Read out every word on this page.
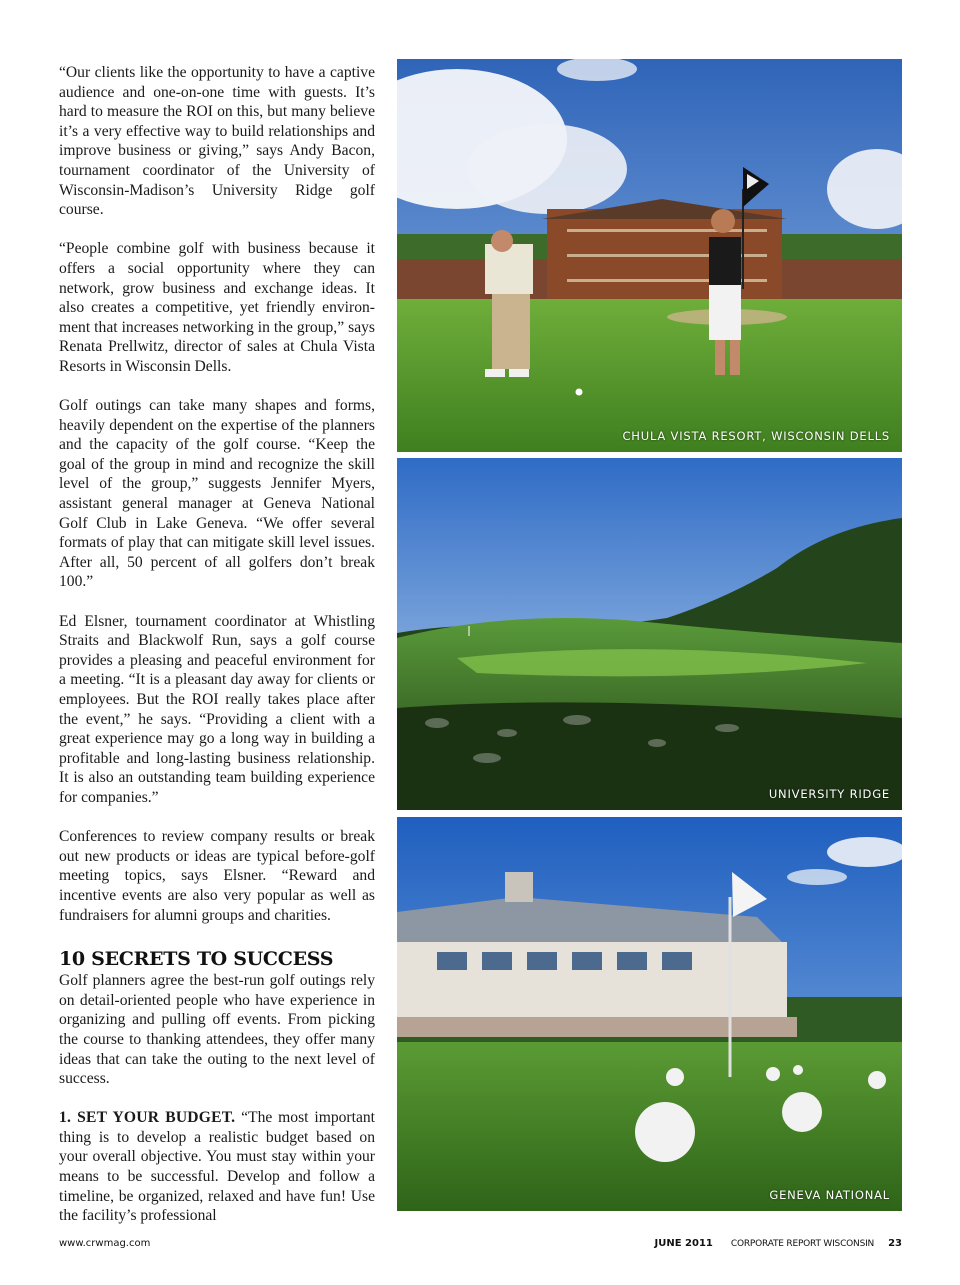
“Our clients like the opportunity to have a captive audience and one-on-one time with guests. It’s hard to measure the ROI on this, but many believe it’s a very effective way to build relationships and improve business or giving,” says Andy Bacon, tournament coordinator of the University of Wisconsin-Madison’s University Ridge golf course.

“People combine golf with business because it offers a social opportunity where they can network, grow business and exchange ideas. It also creates a competitive, yet friendly environment that increases networking in the group,” says Renata Prellwitz, director of sales at Chula Vista Resorts in Wisconsin Dells.

Golf outings can take many shapes and forms, heavily dependent on the expertise of the planners and the capacity of the golf course. “Keep the goal of the group in mind and recognize the skill level of the group,” suggests Jennifer Myers, assistant general manager at Geneva National Golf Club in Lake Geneva. “We offer several formats of play that can mitigate skill level issues. After all, 50 percent of all golfers don’t break 100.”

Ed Elsner, tournament coordinator at Whistling Straits and Blackwolf Run, says a golf course provides a pleasing and peaceful environment for a meeting. “It is a pleasant day away for clients or employees. But the ROI really takes place after the event,” he says. “Providing a client with a great experience may go a long way in building a profitable and long-lasting business relationship. It is also an outstanding team building experience for companies.”

Conferences to review company results or break out new products or ideas are typical before-golf meeting topics, says Elsner. “Reward and incentive events are also very popular as well as fundraisers for alumni groups and charities.

10 SECRETS TO SUCCESS

Golf planners agree the best-run golf outings rely on detail-oriented people who have experience in organizing and pulling off events. From picking the course to thanking attendees, they offer many ideas that can take the outing to the next level of success.

1. SET YOUR BUDGET. “The most important thing is to develop a realistic budget based on your overall objective. You must stay within your means to be successful. Develop and follow a timeline, be organized, relaxed and have fun! Use the facility’s professional

CHULA VISTA RESORT, WISCONSIN DELLS
UNIVERSITY RIDGE
GENEVA NATIONAL
www.crwmag.com	JUNE 2011 CORPORATE REPORT WISCONSIN 23
